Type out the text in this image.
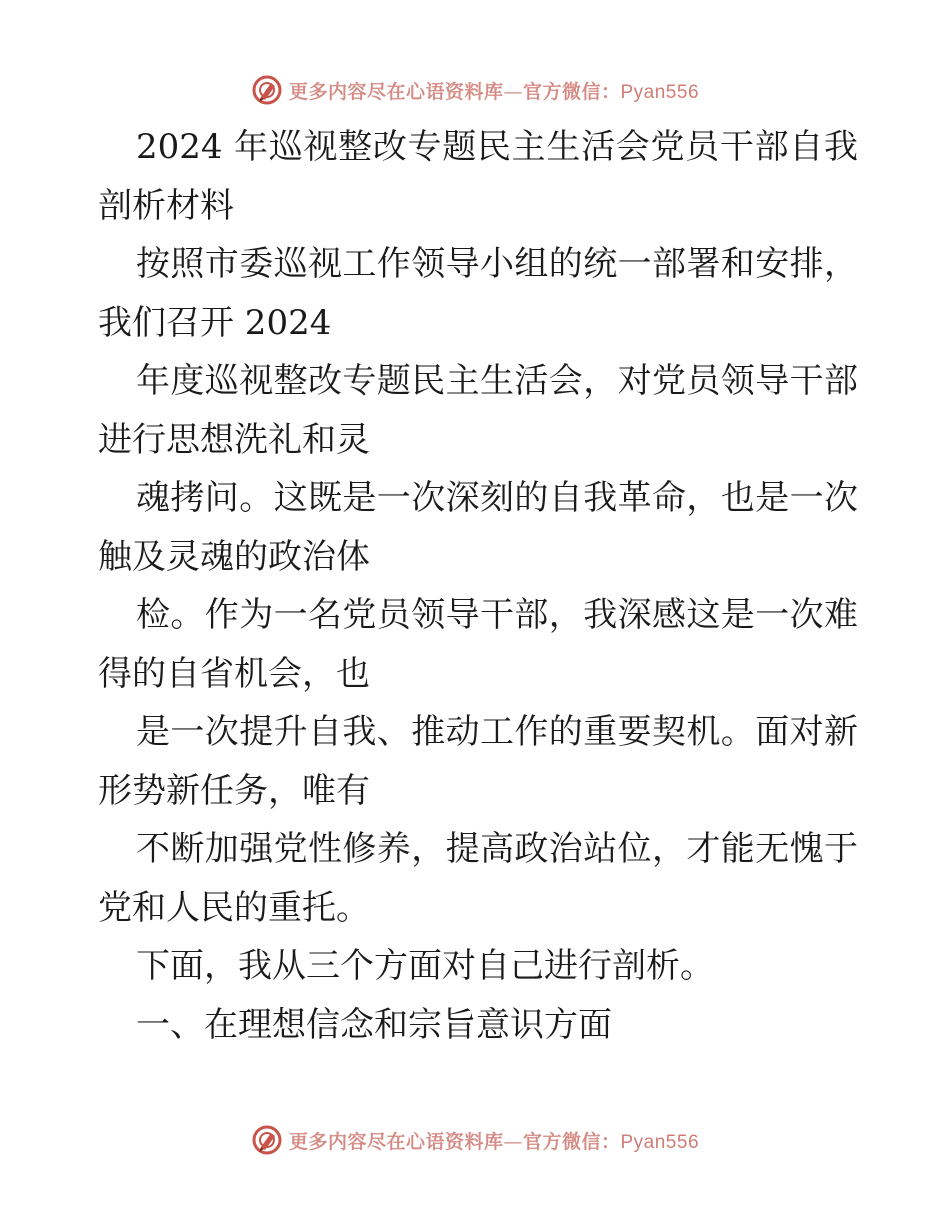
更多内容尽在心语资料库—官方微信：Pyan556
2024 年巡视整改专题民主生活会党员干部自我
剖析材料
按照市委巡视工作领导小组的统一部署和安排，
我们召开 2024
年度巡视整改专题民主生活会，对党员领导干部
进行思想洗礼和灵
魂拷问。这既是一次深刻的自我革命，也是一次
触及灵魂的政治体
检。作为一名党员领导干部，我深感这是一次难
得的自省机会，也
是一次提升自我、推动工作的重要契机。面对新
形势新任务，唯有
不断加强党性修养，提高政治站位，才能无愧于
党和人民的重托。
下面，我从三个方面对自己进行剖析。
一、在理想信念和宗旨意识方面
更多内容尽在心语资料库—官方微信：Pyan556
